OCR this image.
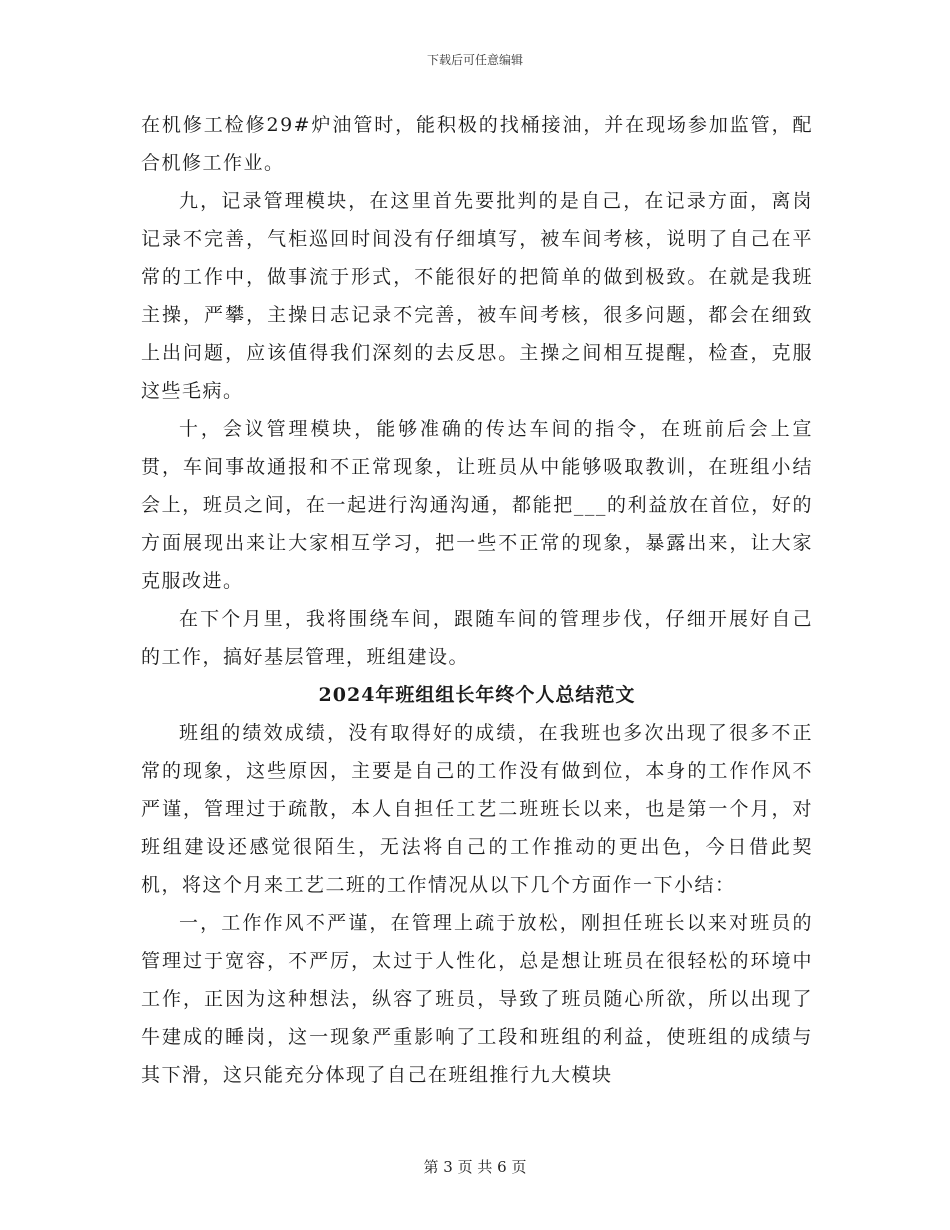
下载后可任意编辑

在机修工检修29#炉油管时，能积极的找桶接油，并在现场参加监管，配合机修工作业。

九，记录管理模块，在这里首先要批判的是自己，在记录方面，离岗记录不完善，气柜巡回时间没有仔细填写，被车间考核，说明了自己在平常的工作中，做事流于形式，不能很好的把简单的做到极致。在就是我班主操，严攀，主操日志记录不完善，被车间考核，很多问题，都会在细致上出问题，应该值得我们深刻的去反思。主操之间相互提醒，检查，克服这些毛病。

十，会议管理模块，能够准确的传达车间的指令，在班前后会上宣贯，车间事故通报和不正常现象，让班员从中能够吸取教训，在班组小结会上，班员之间，在一起进行沟通沟通，都能把___的利益放在首位，好的方面展现出来让大家相互学习，把一些不正常的现象，暴露出来，让大家克服改进。

在下个月里，我将围绕车间，跟随车间的管理步伐，仔细开展好自己的工作，搞好基层管理，班组建设。

2024年班组组长年终个人总结范文

班组的绩效成绩，没有取得好的成绩，在我班也多次出现了很多不正常的现象，这些原因，主要是自己的工作没有做到位，本身的工作作风不严谨，管理过于疏散，本人自担任工艺二班班长以来，也是第一个月，对班组建设还感觉很陌生，无法将自己的工作推动的更出色，今日借此契机，将这个月来工艺二班的工作情况从以下几个方面作一下小结：

一，工作作风不严谨，在管理上疏于放松，刚担任班长以来对班员的管理过于宽容，不严厉，太过于人性化，总是想让班员在很轻松的环境中工作，正因为这种想法，纵容了班员，导致了班员随心所欲，所以出现了牛建成的睡岗，这一现象严重影响了工段和班组的利益，使班组的成绩与其下滑，这只能充分体现了自己在班组推行九大模块

第 3 页 共 6 页
